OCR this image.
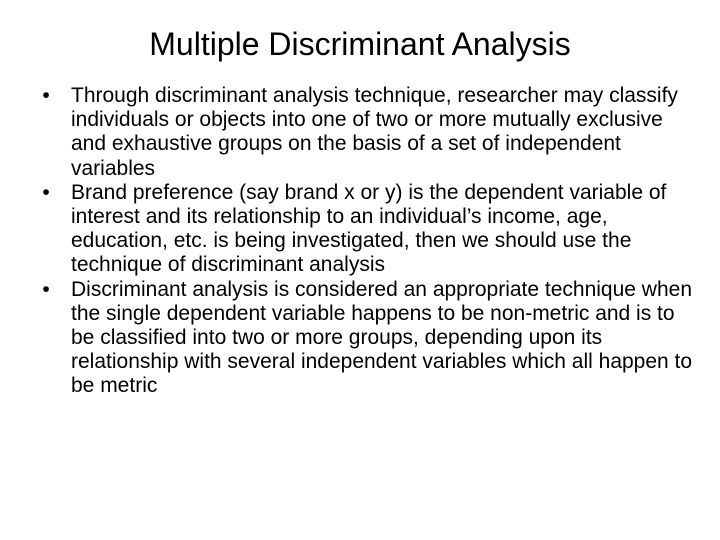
Multiple Discriminant Analysis
•	Through discriminant analysis technique, researcher may classify individuals or objects into one of two or more mutually exclusive and exhaustive groups on the basis of a set of independent variables
•	Brand preference (say brand x or y) is the dependent variable of interest and its relationship to an individual’s income, age, education, etc. is being investigated, then we should use the technique of discriminant analysis
•	Discriminant analysis is considered an appropriate technique when the single dependent variable happens to be non-metric and is to be classified into two or more groups, depending upon its relationship with several independent variables which all happen to be metric
